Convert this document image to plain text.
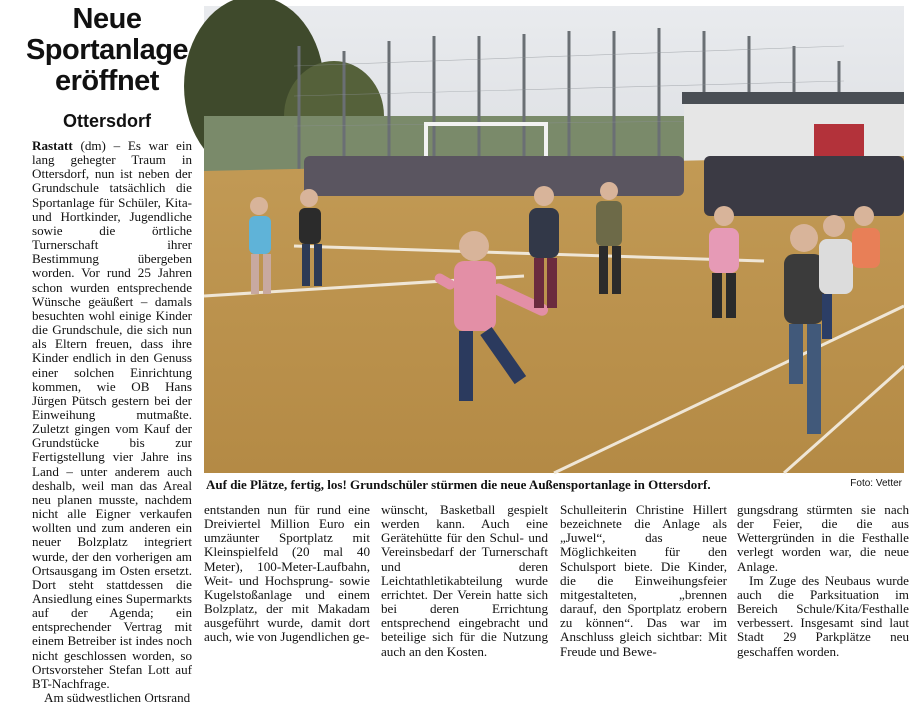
Neue
Sportanlage
eröffnet
Ottersdorf

Rastatt (dm) – Es war ein lang gehegter Traum in Ottersdorf, nun ist neben der Grundschule tatsächlich die Sportanlage für Schüler, Kita- und Hortkinder, Jugendliche sowie die örtliche Turnerschaft ihrer Bestimmung übergeben worden. Vor rund 25 Jahren schon wurden entsprechende Wünsche geäußert – damals besuchten wohl einige Kinder die Grundschule, die sich nun als Eltern freuen, dass ihre Kinder endlich in den Genuss einer solchen Einrichtung kommen, wie OB Hans Jürgen Pütsch gestern bei der Einweihung mutmaßte. Zuletzt gingen vom Kauf der Grundstücke bis zur Fertigstellung vier Jahre ins Land – unter anderem auch deshalb, weil man das Areal neu planen musste, nachdem nicht alle Eigner verkaufen wollten und zum anderen ein neuer Bolzplatz integriert wurde, der den vorherigen am Ortsausgang im Osten ersetzt. Dort steht stattdessen die Ansiedlung eines Supermarkts auf der Agenda; ein entsprechender Vertrag mit einem Betreiber ist indes noch nicht geschlossen worden, so Ortsvorsteher Stefan Lott auf BT-Nachfrage.

Am südwestlichen Ortsrand

Auf die Plätze, fertig, los! Grundschüler stürmen die neue Außensportanlage in Ottersdorf.	Foto: Vetter

entstanden nun für rund eine Dreiviertel Million Euro ein umzäunter Sportplatz mit Kleinspielfeld (20 mal 40 Meter), 100-Meter-Laufbahn, Weit- und Hochsprung- sowie Kugelstoßanlage und einem Bolzplatz, der mit Makadam ausgeführt wurde, damit dort auch, wie von Jugendlichen ge-

wünscht, Basketball gespielt werden kann. Auch eine Gerätehütte für den Schul- und Vereinsbedarf der Turnerschaft und deren Leichtathletikabteilung wurde errichtet. Der Verein hatte sich bei deren Errichtung entsprechend eingebracht und beteilige sich für die Nutzung auch an den Kosten.

Schulleiterin Christine Hillert bezeichnete die Anlage als „Juwel“, das neue Möglichkeiten für den Schulsport biete. Die Kinder, die die Einweihungsfeier mitgestalteten, „brennen darauf, den Sportplatz erobern zu können“. Das war im Anschluss gleich sichtbar: Mit Freude und Bewe-

gungsdrang stürmten sie nach der Feier, die die aus Wettergründen in die Festhalle verlegt worden war, die neue Anlage.

Im Zuge des Neubaus wurde auch die Parksituation im Bereich Schule/Kita/Festhalle verbessert. Insgesamt sind laut Stadt 29 Parkplätze neu geschaffen worden.
